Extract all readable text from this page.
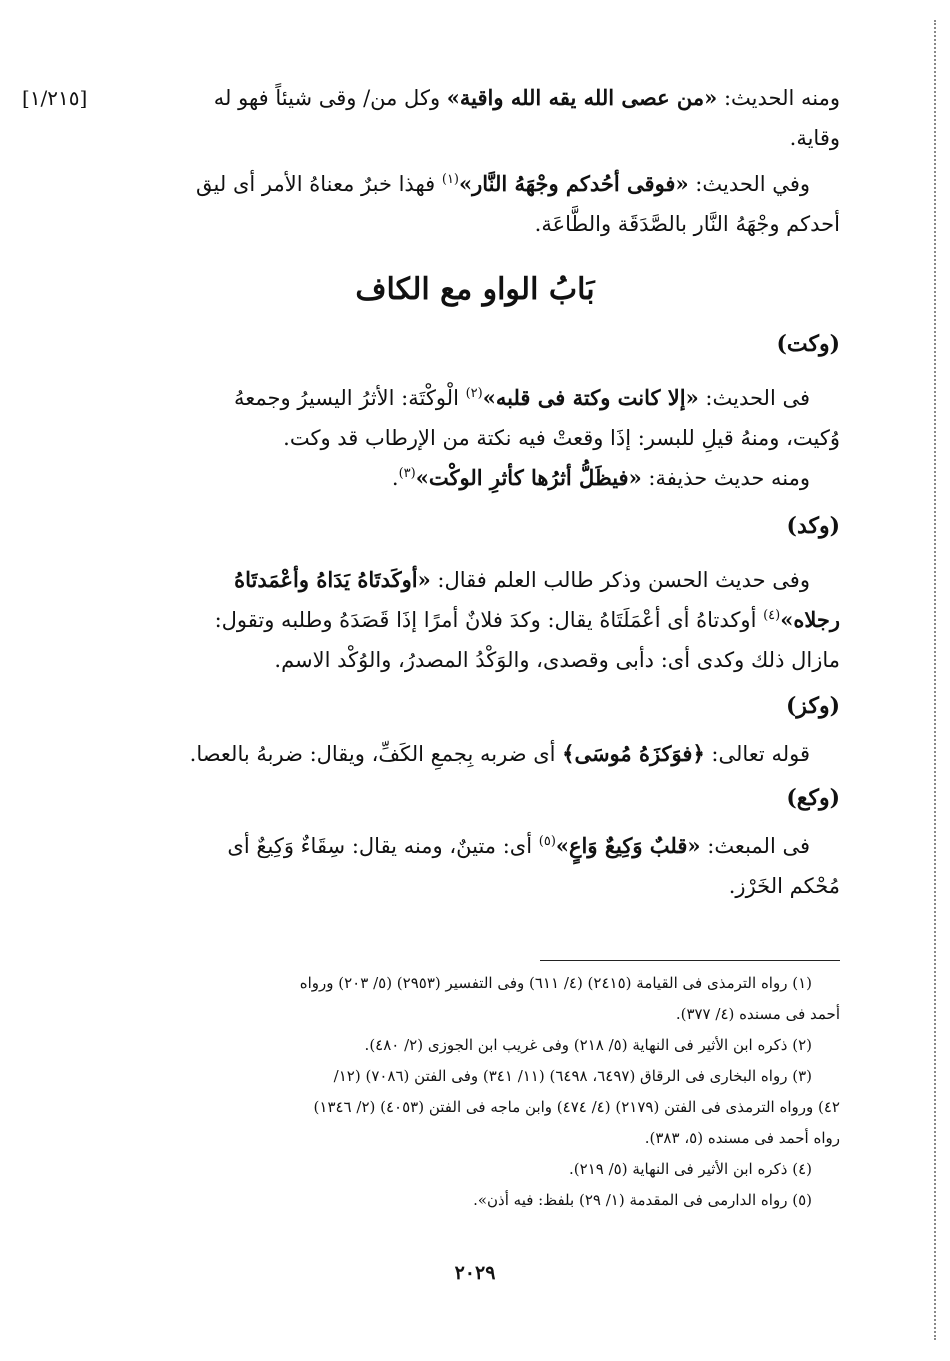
[١/٢١٥]	ومنه الحديث: «من عصى الله يقه الله واقية» وكل من/ وقى شيئاً فهو له
وقاية.
وفي الحديث: «فوقى أحُدكم وجْهَهُ النَّار»$^{(١)}$ فهذا خبرٌ معناهُ الأمر أى ليق
أحدكم وجْهَهُ النَّار بالصَّدَقَة والطَّاعَة.
بَابُ الواو مع الكاف
(وكت)
فى الحديث: «إلا كانت وكتة فى قلبه»$^{(٢)}$ الْوكْتَة: الأثرُ اليسيرُ وجمعهُ
وُكيت، ومنهُ قيلِ للبسر: إذَا وقعتْ فيه نكتة من الإرطاب قد وكت.
ومنه حديث حذيفة: «فيظَلُّ أثرُها كأثرِ الوكْت»$^{(٣)}$.
(وكد)
وفى حديث الحسن وذكر طالب العلم فقال: «أوكَدتَاهُ يَدَاهُ وأعْمَدتَاهُ
رجلاه»$^{(٤)}$ أوكدتاهُ أى أعْمَلَتَاهُ يقال: وكدَ فلانٌ أمرًا إذَا قَصَدَهُ وطلبه وتقول:
مازال ذلك وكدى أى: دأبى وقصدى، والوَكْدُ المصدرُ، والوُكْد الاسم.
(وكز)
قوله تعالى: ﴿فوَكزَهُ مُوسَى﴾ أى ضربه بِجمعِ الكَفِّ، ويقال: ضربهُ بالعصا.
(وكع)
فى المبعث: «قلبٌ وَكِيعٌ وَاعٍ»$^{(٥)}$ أى: متينٌ، ومنه يقال: سِقَاءٌ وَكِيعٌ أى
مُحْكم الخَرْز.
(١) رواه الترمذى فى القيامة (٢٤١٥) (٤/ ٦١١) وفى التفسير (٢٩٥٣) (٥/ ٢٠٣) ورواه
أحمد فى مسنده (٤/ ٣٧٧).
(٢) ذكره ابن الأثير فى النهاية (٥/ ٢١٨) وفى غريب ابن الجوزى (٢/ ٤٨٠).
(٣) رواه البخارى فى الرقاق (٦٤٩٧، ٦٤٩٨) (١١/ ٣٤١) وفى الفتن (٧٠٨٦) (١٢/
٤٢) ورواه الترمذى فى الفتن (٢١٧٩) (٤/ ٤٧٤) وابن ماجه فى الفتن (٤٠٥٣) (٢/ ١٣٤٦)
رواه أحمد فى مسنده (٥، ٣٨٣).
(٤) ذكره ابن الأثير فى النهاية (٥/ ٢١٩).
(٥) رواه الدارمى فى المقدمة (١/ ٢٩) بلفظ: فيه أذن».
٢٠٢٩
